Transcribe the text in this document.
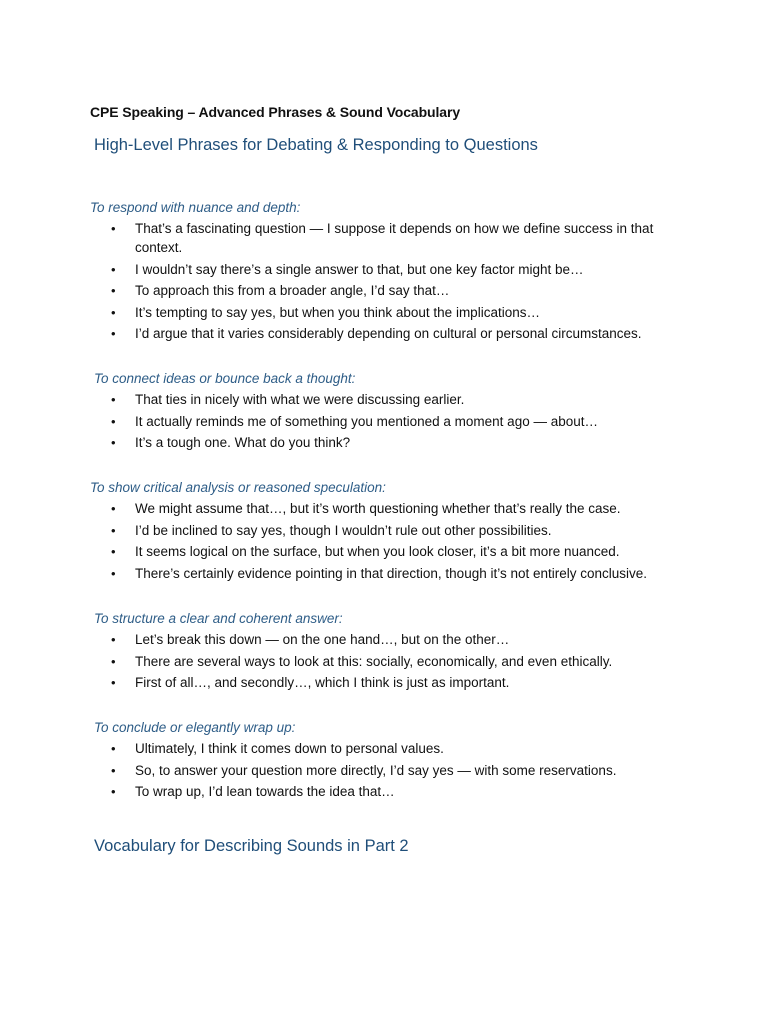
CPE Speaking – Advanced Phrases & Sound Vocabulary
High-Level Phrases for Debating & Responding to Questions
To respond with nuance and depth:
• That’s a fascinating question — I suppose it depends on how we define success in that context.
• I wouldn’t say there’s a single answer to that, but one key factor might be…
• To approach this from a broader angle, I’d say that…
• It’s tempting to say yes, but when you think about the implications…
• I’d argue that it varies considerably depending on cultural or personal circumstances.
To connect ideas or bounce back a thought:
• That ties in nicely with what we were discussing earlier.
• It actually reminds me of something you mentioned a moment ago — about…
• It’s a tough one. What do you think?
To show critical analysis or reasoned speculation:
• We might assume that…, but it’s worth questioning whether that’s really the case.
• I’d be inclined to say yes, though I wouldn’t rule out other possibilities.
• It seems logical on the surface, but when you look closer, it’s a bit more nuanced.
• There’s certainly evidence pointing in that direction, though it’s not entirely conclusive.
To structure a clear and coherent answer:
• Let’s break this down — on the one hand…, but on the other…
• There are several ways to look at this: socially, economically, and even ethically.
• First of all…, and secondly…, which I think is just as important.
To conclude or elegantly wrap up:
• Ultimately, I think it comes down to personal values.
• So, to answer your question more directly, I’d say yes — with some reservations.
• To wrap up, I’d lean towards the idea that…
Vocabulary for Describing Sounds in Part 2
